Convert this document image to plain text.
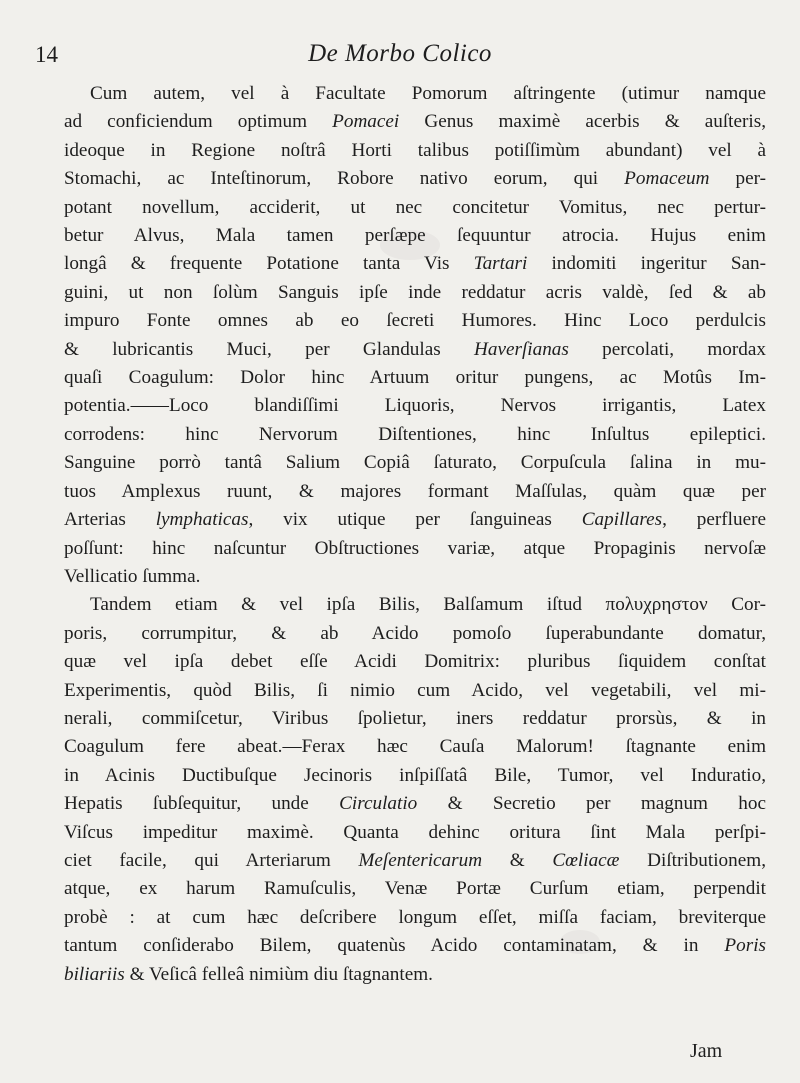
14	De Morbo Colico

Cum autem, vel à Facultate Pomorum aſtringente (utimur namque

ad conficiendum optimum Pomacei Genus maximè acerbis & auſteris,

ideoque in Regione noſtrâ Horti talibus potiſſimùm abundant) vel à

Stomachi, ac Inteſtinorum, Robore nativo eorum, qui Pomaceum per-

potant novellum, acciderit, ut nec concitetur Vomitus, nec pertur-

betur Alvus, Mala tamen perſæpe ſequuntur atrocia. Hujus enim

longâ & frequente Potatione tanta Vis Tartari indomiti ingeritur San-

guini, ut non ſolùm Sanguis ipſe inde reddatur acris valdè, ſed & ab

impuro Fonte omnes ab eo ſecreti Humores. Hinc Loco perdulcis

& lubricantis Muci, per Glandulas Haverſianas percolati, mordax

quaſi Coagulum: Dolor hinc Artuum oritur pungens, ac Motûs Im-

potentia.——Loco blandiſſimi Liquoris, Nervos irrigantis, Latex

corrodens: hinc Nervorum Diſtentiones, hinc Inſultus epileptici.

Sanguine porrò tantâ Salium Copiâ ſaturato, Corpuſcula ſalina in mu-

tuos Amplexus ruunt, & majores formant Maſſulas, quàm quæ per

Arterias lymphaticas, vix utique per ſanguineas Capillares, perfluere

poſſunt: hinc naſcuntur Obſtructiones variæ, atque Propaginis nervoſæ

Vellicatio ſumma.

Tandem etiam & vel ipſa Bilis, Balſamum iſtud πολυχρηστον Cor-

poris, corrumpitur, & ab Acido pomoſo ſuperabundante domatur,

quæ vel ipſa debet eſſe Acidi Domitrix: pluribus ſiquidem conſtat

Experimentis, quòd Bilis, ſi nimio cum Acido, vel vegetabili, vel mi-

nerali, commiſcetur, Viribus ſpolietur, iners reddatur prorsùs, & in

Coagulum fere abeat.—Ferax hæc Cauſa Malorum! ſtagnante enim

in Acinis Ductibuſque Jecinoris inſpiſſatâ Bile, Tumor, vel Induratio,

Hepatis ſubſequitur, unde Circulatio & Secretio per magnum hoc

Viſcus impeditur maximè. Quanta dehinc oritura ſint Mala perſpi-

ciet facile, qui Arteriarum Meſentericarum & Cœliacæ Diſtributionem,

atque, ex harum Ramuſculis, Venæ Portæ Curſum etiam, perpendit

probè : at cum hæc deſcribere longum eſſet, miſſa faciam, breviterque

tantum conſiderabo Bilem, quatenùs Acido contaminatam, & in Poris

biliariis & Veſicâ felleâ nimiùm diu ſtagnantem.

Jam
